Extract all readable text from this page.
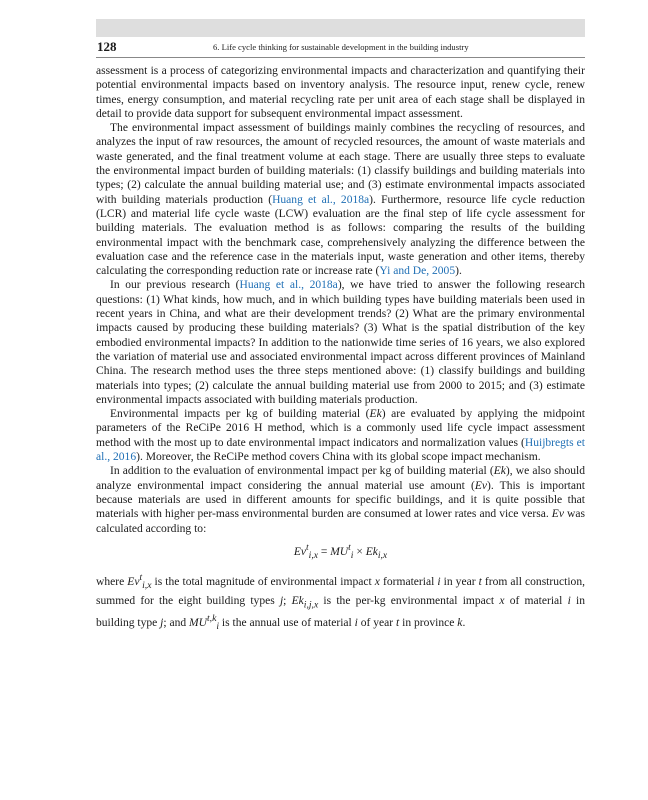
128	6. Life cycle thinking for sustainable development in the building industry

assessment is a process of categorizing environmental impacts and characterization and quantifying their potential environmental impacts based on inventory analysis. The resource input, renew cycle, renew times, energy consumption, and material recycling rate per unit area of each stage shall be displayed in detail to provide data support for subsequent environmental impact assessment.

The environmental impact assessment of buildings mainly combines the recycling of resources, and analyzes the input of raw resources, the amount of recycled resources, the amount of waste materials and waste generated, and the final treatment volume at each stage. There are usually three steps to evaluate the environmental impact burden of building materials: (1) classify buildings and building materials into types; (2) calculate the annual building material use; and (3) estimate environmental impacts associated with building materials production (Huang et al., 2018a). Furthermore, resource life cycle reduction (LCR) and material life cycle waste (LCW) evaluation are the final step of life cycle assessment for building materials. The evaluation method is as follows: comparing the results of the building environmental impact with the benchmark case, comprehensively analyzing the difference between the evaluation case and the reference case in the materials input, waste generation and other items, thereby calculating the corresponding reduction rate or increase rate (Yi and De, 2005).

In our previous research (Huang et al., 2018a), we have tried to answer the following research questions: (1) What kinds, how much, and in which building types have building materials been used in recent years in China, and what are their development trends? (2) What are the primary environmental impacts caused by producing these building materials? (3) What is the spatial distribution of the key embodied environmental impacts? In addition to the nationwide time series of 16 years, we also explored the variation of material use and associated environmental impact across different provinces of Mainland China. The research method uses the three steps mentioned above: (1) classify buildings and building materials into types; (2) calculate the annual building material use from 2000 to 2015; and (3) estimate environmental impacts associated with building materials production.

Environmental impacts per kg of building material (Ek) are evaluated by applying the midpoint parameters of the ReCiPe 2016 H method, which is a commonly used life cycle impact assessment method with the most up to date environmental impact indicators and normalization values (Huijbregts et al., 2016). Moreover, the ReCiPe method covers China with its global scope impact mechanism.

In addition to the evaluation of environmental impact per kg of building material (Ek), we also should analyze environmental impact considering the annual material use amount (Ev). This is important because materials are used in different amounts for specific buildings, and it is quite possible that materials with higher per-mass environmental burden are consumed at lower rates and vice versa. Ev was calculated according to:

$Ev^t_{i,x} = MU^t_i \times Ek_{i,x}$

where $Ev^t_{i,x}$ is the total magnitude of environmental impact x formaterial i in year t from all construction, summed for the eight building types j; $Ek_{i,j,x}$ is the per-kg environmental impact x of material i in building type j; and MU$^{t,k}_i$ is the annual use of material i of year t in province k.
